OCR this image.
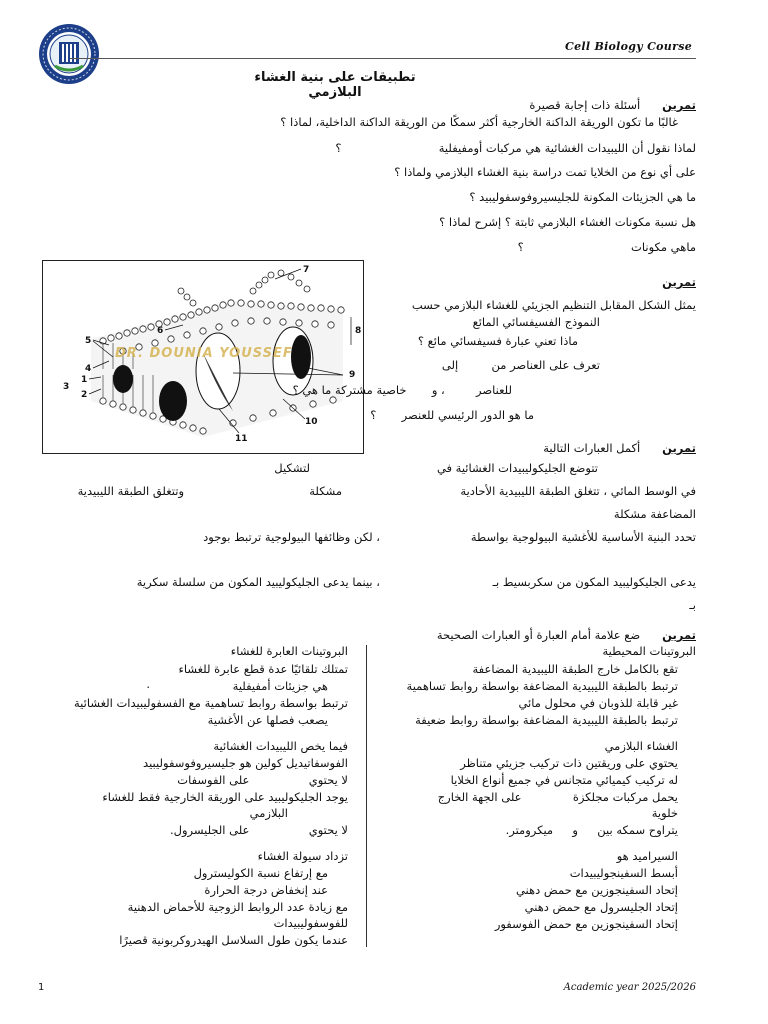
Cell Biology Course
تطبيقات على بنية الغشاء البلازمي
تمرين      أسئلة ذات إجابة قصيرة
غالبًا ما تكون الوريقة الداكنة الخارجية أكثر سمكًا من الوريقة الداكنة الداخلية، لماذا ؟
لماذا نقول أن الليبيدات الغشائية هي مركبات أومفيفلية  ؟
على أي نوع من الخلايا تمت دراسة بنية الغشاء البلازمي ولماذا ؟
ما هي الجزيئات المكونة للجليسيروفوسفوليبيد ؟
هل نسبة مكونات الغشاء البلازمي ثابتة ؟ إشرح لماذا ؟
ماهي مكونات  ؟
7
6
5
4
1
3
2
8
9
10
11
DR. DOUNIA YOUSSEF
تمرين
يمثل الشكل المقابل التنظيم الجزيئي للغشاء البلازمي حسب
النموذج الفسيفسائي المائع
ماذا تعني عبارة فسيفسائي مائع ؟
تعرف على العناصر من  إلى
للعناصر  ، و  خاصية مشتركة ما هي ؟
ما هو الدور الرئيسي للعنصر  ؟
تمرين      أكمل العبارات التالية
تتوضع الجليكوليبيدات الغشائية في
لتشكيل
في الوسط المائي ، تتغلق الطبقة الليبيدية الأحادية
مشكلة
وتتغلق الطبقة الليبيدية
المضاعفة مشكلة
تحدد البنية الأساسية للأغشية البيولوجية بواسطة
، لكن وظائفها البيولوجية ترتبط بوجود
يدعى الجليكوليبيد المكون من سكربسيط بـ
، بينما يدعى الجليكوليبيد المكون من سلسلة سكرية
بـ
تمرين      ضع علامة أمام العبارة أو العبارات الصحيحة
البروتينات المحيطية
تقع بالكامل خارج الطبقة الليبيدية المضاعفة
ترتبط بالطبقة الليبيدية المضاعفة بواسطة روابط تساهمية
غير قابلة للذوبان في محلول مائي
ترتبط بالطبقة الليبيدية المضاعفة بواسطة روابط ضعيفة
الغشاء البلازمي
يحتوي على وريقتين ذات تركيب جزيئي متناظر
له تركيب كيميائي متجانس في جميع أنواع الخلايا
يحمل مركبات مجلكزة  على الجهة الخارج
خلوية
يتراوح سمكه بين  و  ميكرومتر.
السيراميد هو
أبسط السفينجوليبيدات
إتحاد السفينجوزين مع حمض دهني
إتحاد الجليسرول مع حمض دهني
إتحاد السفينجوزين مع حمض الفوسفور
البروتينات العابرة للغشاء
تمتلك تلقائيًا عدة قطع عابرة للغشاء
هي جزيئات أمفيفلية
.
ترتبط بواسطة روابط تساهمية مع الفسفوليبيدات الغشائية
يصعب فصلها عن الأغشية
فيما يخص الليبيدات الغشائية
الفوسفاتيديل كولين هو جليسيروفوسفوليبيد
لا يحتوي  على الفوسفات
يوجد الجليكوليبيد على الوريقة الخارجية فقط للغشاء
البلازمي
لا يحتوي  على الجليسرول.
تزداد سيولة الغشاء
مع إرتفاع نسبة الكوليسترول
عند إنخفاض درجة الحرارة
مع زيادة عدد الروابط الزوجية للأحماض الدهنية
للفوسفوليبيدات
عندما يكون طول السلاسل الهيدروكربونية قصيرًا
1	Academic year 2025/2026
